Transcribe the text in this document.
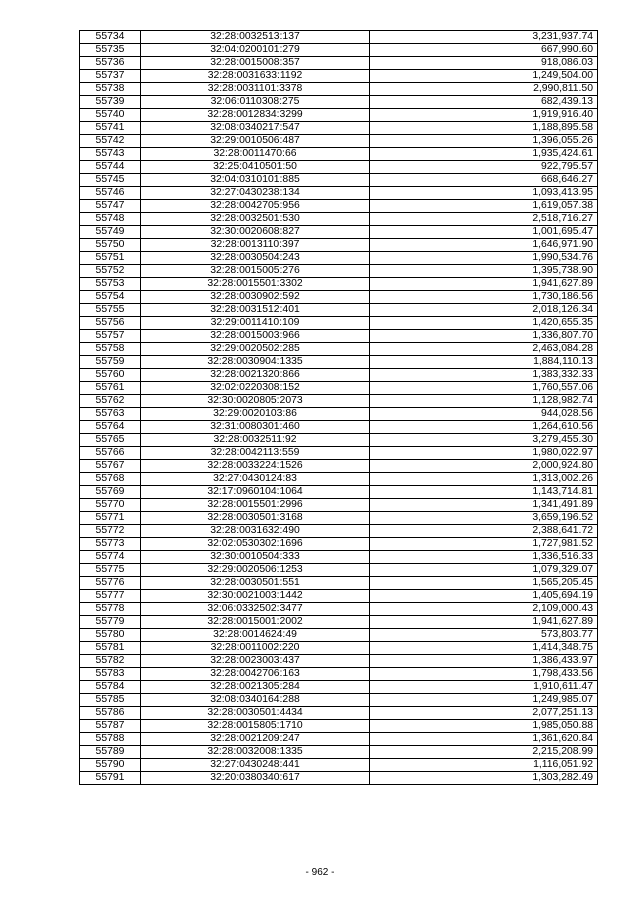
55734	32:28:0032513:137	3,231,937.74
55735	32:04:0200101:279	667,990.60
55736	32:28:0015008:357	918,086.03
55737	32:28:0031633:1192	1,249,504.00
55738	32:28:0031101:3378	2,990,811.50
55739	32:06:0110308:275	682,439.13
55740	32:28:0012834:3299	1,919,916.40
55741	32:08:0340217:547	1,188,895.58
55742	32:29:0010506:487	1,396,055.26
55743	32:28:0011470:66	1,935,424.61
55744	32:25:0410501:50	922,795.57
55745	32:04:0310101:885	668,646.27
55746	32:27:0430238:134	1,093,413.95
55747	32:28:0042705:956	1,619,057.38
55748	32:28:0032501:530	2,518,716.27
55749	32:30:0020608:827	1,001,695.47
55750	32:28:0013110:397	1,646,971.90
55751	32:28:0030504:243	1,990,534.76
55752	32:28:0015005:276	1,395,738.90
55753	32:28:0015501:3302	1,941,627.89
55754	32:28:0030902:592	1,730,186.56
55755	32:28:0031512:401	2,018,126.34
55756	32:29:0011410:109	1,420,655.35
55757	32:28:0015003:966	1,336,807.70
55758	32:29:0020502:285	2,463,084.28
55759	32:28:0030904:1335	1,884,110.13
55760	32:28:0021320:866	1,383,332.33
55761	32:02:0220308:152	1,760,557.06
55762	32:30:0020805:2073	1,128,982.74
55763	32:29:0020103:86	944,028.56
55764	32:31:0080301:460	1,264,610.56
55765	32:28:0032511:92	3,279,455.30
55766	32:28:0042113:559	1,980,022.97
55767	32:28:0033224:1526	2,000,924.80
55768	32:27:0430124:83	1,313,002.26
55769	32:17:0960104:1064	1,143,714.81
55770	32:28:0015501:2996	1,341,491.89
55771	32:28:0030501:3168	3,659,196.52
55772	32:28:0031632:490	2,388,641.72
55773	32:02:0530302:1696	1,727,981.52
55774	32:30:0010504:333	1,336,516.33
55775	32:29:0020506:1253	1,079,329.07
55776	32:28:0030501:551	1,565,205.45
55777	32:30:0021003:1442	1,405,694.19
55778	32:06:0332502:3477	2,109,000.43
55779	32:28:0015001:2002	1,941,627.89
55780	32:28:0014624:49	573,803.77
55781	32:28:0011002:220	1,414,348.75
55782	32:28:0023003:437	1,386,433.97
55783	32:28:0042706:163	1,798,433.56
55784	32:28:0021305:284	1,910,611.47
55785	32:08:0340164:288	1,249,985.07
55786	32:28:0030501:4434	2,077,251.13
55787	32:28:0015805:1710	1,985,050.88
55788	32:28:0021209:247	1,361,620.84
55789	32:28:0032008:1335	2,215,208.99
55790	32:27:0430248:441	1,116,051.92
55791	32:20:0380340:617	1,303,282.49
- 962 -
